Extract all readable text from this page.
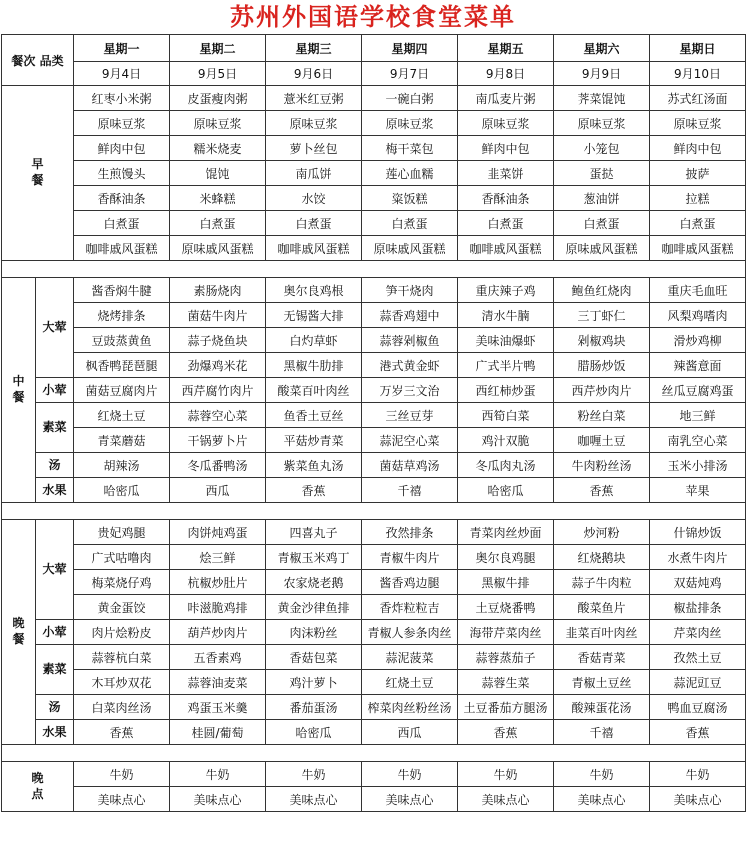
苏州外国语学校食堂菜单
餐次 品类		星期一	星期二	星期三	星期四	星期五	星期六	星期日
		9月4日	9月5日	9月6日	9月7日	9月8日	9月9日	9月10日
早餐		红枣小米粥	皮蛋瘦肉粥	薏米红豆粥	一碗白粥	南瓜麦片粥	荠菜馄饨	苏式红汤面
		原味豆浆	原味豆浆	原味豆浆	原味豆浆	原味豆浆	原味豆浆	原味豆浆
		鲜肉中包	糯米烧麦	萝卜丝包	梅干菜包	鲜肉中包	小笼包	鲜肉中包
		生煎馒头	馄饨	南瓜饼	莲心血糯	韭菜饼	蛋挞	披萨
		香酥油条	米蜂糕	水饺	粢饭糕	香酥油条	葱油饼	拉糕
		白煮蛋	白煮蛋	白煮蛋	白煮蛋	白煮蛋	白煮蛋	白煮蛋
		咖啡戚风蛋糕	原味戚风蛋糕	咖啡戚风蛋糕	原味戚风蛋糕	咖啡戚风蛋糕	原味戚风蛋糕	咖啡戚风蛋糕

中餐	大荤	酱香焖牛腱	素肠烧肉	奥尔良鸡根	笋干烧肉	重庆辣子鸡	鲍鱼红烧肉	重庆毛血旺
		烧烤排条	菌菇牛肉片	无锡酱大排	蒜香鸡翅中	清水牛腩	三丁虾仁	风梨鸡嗜肉
		豆豉蒸黄鱼	蒜子烧鱼块	白灼草虾	蒜蓉剁椒鱼	美味油爆虾	剁椒鸡块	滑炒鸡柳
		枫香鸭琵琶腿	劲爆鸡米花	黑椒牛肋排	港式黄金虾	广式半片鸭	腊肠炒饭	辣酱意面
	小荤	菌菇豆腐肉片	西芹腐竹肉片	酸菜百叶肉丝	万岁三文治	西红柿炒蛋	西芹炒肉片	丝瓜豆腐鸡蛋
	素菜	红烧土豆	蒜蓉空心菜	鱼香土豆丝	三丝豆芽	西筍白菜	粉丝白菜	地三鲜
		青菜蘑菇	干锅萝卜片	平菇炒青菜	蒜泥空心菜	鸡汁双脆	咖喱土豆	南乳空心菜
	汤	胡辣汤	冬瓜番鸭汤	紫菜鱼丸汤	菌菇草鸡汤	冬瓜肉丸汤	牛肉粉丝汤	玉米小排汤
	水果	哈密瓜	西瓜	香蕉	千禧	哈密瓜	香蕉	苹果

晚餐	大荤	贵妃鸡腿	肉饼炖鸡蛋	四喜丸子	孜然排条	青菜肉丝炒面	炒河粉	什锦炒饭
		广式咕噜肉	烩三鲜	青椒玉米鸡丁	青椒牛肉片	奥尔良鸡腿	红烧鹅块	水煮牛肉片
		梅菜烧仔鸡	杭椒炒肚片	农家烧老鹅	酱香鸡边腿	黑椒牛排	蒜子牛肉粒	双菇炖鸡
		黄金蛋饺	咔滋脆鸡排	黄金沙律鱼排	香炸粒粒吉	土豆烧番鸭	酸菜鱼片	椒盐排条
	小荤	肉片烩粉皮	葫芦炒肉片	肉沫粉丝	青椒人参条肉丝	海带芹菜肉丝	韭菜百叶肉丝	芹菜肉丝
	素菜	蒜蓉杭白菜	五香素鸡	香菇包菜	蒜泥菠菜	蒜蓉蒸茄子	香菇青菜	孜然土豆
		木耳炒双花	蒜蓉油麦菜	鸡汁萝卜	红烧土豆	蒜蓉生菜	青椒土豆丝	蒜泥豇豆
	汤	白菜肉丝汤	鸡蛋玉米羹	番茄蛋汤	榨菜肉丝粉丝汤	土豆番茄方腿汤	酸辣蛋花汤	鸭血豆腐汤
	水果	香蕉	桂圆/葡萄	哈密瓜	西瓜	香蕉	千禧	香蕉

晚点		牛奶	牛奶	牛奶	牛奶	牛奶	牛奶	牛奶
		美味点心	美味点心	美味点心	美味点心	美味点心	美味点心	美味点心
